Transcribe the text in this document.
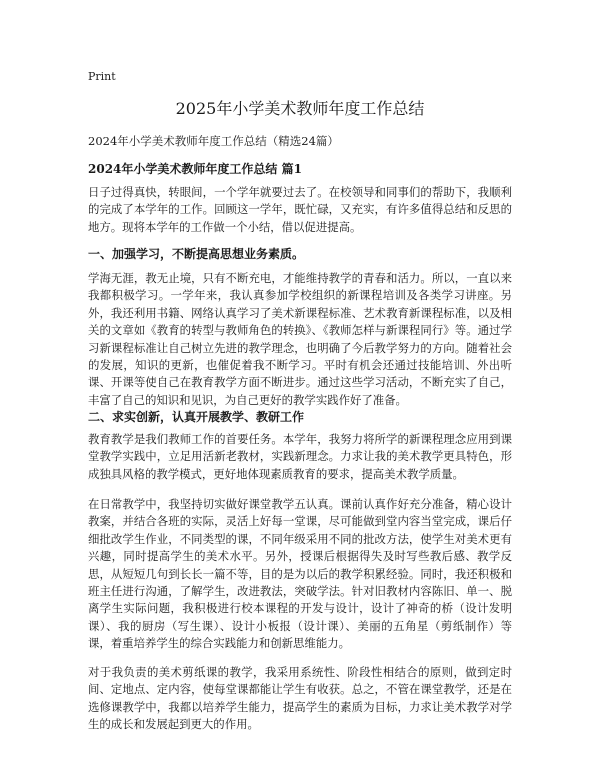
Print
2025年小学美术教师年度工作总结
2024年小学美术教师年度工作总结（精选24篇）
2024年小学美术教师年度工作总结 篇1

日子过得真快，转眼间，一个学年就要过去了。在校领导和同事们的帮助下，我顺利的完成了本学年的工作。回顾这一学年，既忙碌，又充实，有许多值得总结和反思的地方。现将本学年的工作做一个小结，借以促进提高。

一、加强学习，不断提高思想业务素质。

学海无涯，教无止境，只有不断充电，才能维持教学的青春和活力。所以，一直以来我都积极学习。一学年来，我认真参加学校组织的新课程培训及各类学习讲座。另外，我还利用书籍、网络认真学习了美术新课程标准、艺术教育新课程标准，以及相关的文章如《教育的转型与教师角色的转换》、《教师怎样与新课程同行》等。通过学习新课程标准让自己树立先进的教学理念，也明确了今后教学努力的方向。随着社会的发展，知识的更新，也催促着我不断学习。平时有机会还通过技能培训、外出听课、开课等使自己在教育教学方面不断进步。通过这些学习活动，不断充实了自己，丰富了自己的知识和见识，为自己更好的教学实践作好了准备。

二、求实创新，认真开展教学、教研工作

教育教学是我们教师工作的首要任务。本学年，我努力将所学的新课程理念应用到课堂教学实践中，立足用活新老教材，实践新理念。力求让我的美术教学更具特色，形成独具风格的教学模式，更好地体现素质教育的要求，提高美术教学质量。

在日常教学中，我坚持切实做好课堂教学五认真。课前认真作好充分准备，精心设计教案，并结合各班的实际，灵活上好每一堂课，尽可能做到堂内容当堂完成，课后仔细批改学生作业，不同类型的课，不同年级采用不同的批改方法，使学生对美术更有兴趣，同时提高学生的美术水平。另外，授课后根据得失及时写些教后感、教学反思，从短短几句到长长一篇不等，目的是为以后的教学积累经验。同时，我还积极和班主任进行沟通，了解学生，改进教法，突破学法。针对旧教材内容陈旧、单一、脱离学生实际问题，我积极进行校本课程的开发与设计，设计了神奇的桥（设计发明课）、我的厨房（写生课）、设计小板报（设计课）、美丽的五角星（剪纸制作）等课，着重培养学生的综合实践能力和创新思维能力。

对于我负责的美术剪纸课的教学，我采用系统性、阶段性相结合的原则，做到定时间、定地点、定内容，使每堂课都能让学生有收获。总之，不管在课堂教学，还是在选修课教学中，我都以培养学生能力，提高学生的素质为目标，力求让美术教学对学生的成长和发展起到更大的作用。
